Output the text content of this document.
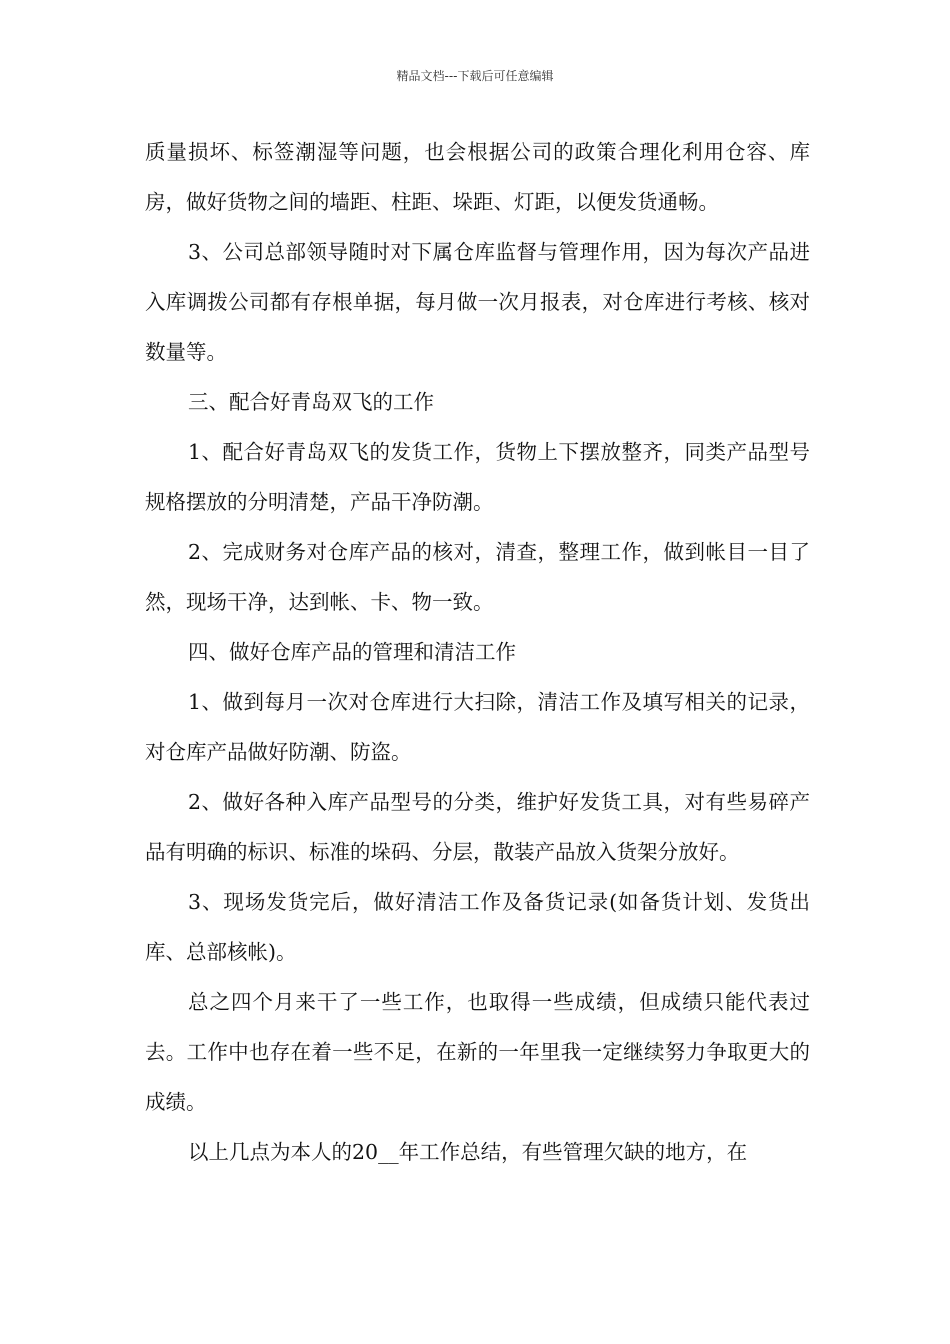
精品文档---下载后可任意编辑

质量损坏、标签潮湿等问题，也会根据公司的政策合理化利用仓容、库房，做好货物之间的墙距、柱距、垛距、灯距，以便发货通畅。

3、公司总部领导随时对下属仓库监督与管理作用，因为每次产品进入库调拨公司都有存根单据，每月做一次月报表，对仓库进行考核、核对数量等。

三、配合好青岛双飞的工作

1、配合好青岛双飞的发货工作，货物上下摆放整齐，同类产品型号规格摆放的分明清楚，产品干净防潮。

2、完成财务对仓库产品的核对，清查，整理工作，做到帐目一目了然，现场干净，达到帐、卡、物一致。

四、做好仓库产品的管理和清洁工作

1、做到每月一次对仓库进行大扫除，清洁工作及填写相关的记录，对仓库产品做好防潮、防盗。

2、做好各种入库产品型号的分类，维护好发货工具，对有些易碎产品有明确的标识、标准的垛码、分层，散装产品放入货架分放好。

3、现场发货完后，做好清洁工作及备货记录(如备货计划、发货出库、总部核帐)。

总之四个月来干了一些工作，也取得一些成绩，但成绩只能代表过去。工作中也存在着一些不足，在新的一年里我一定继续努力争取更大的成绩。

以上几点为本人的20__年工作总结，有些管理欠缺的地方，在
